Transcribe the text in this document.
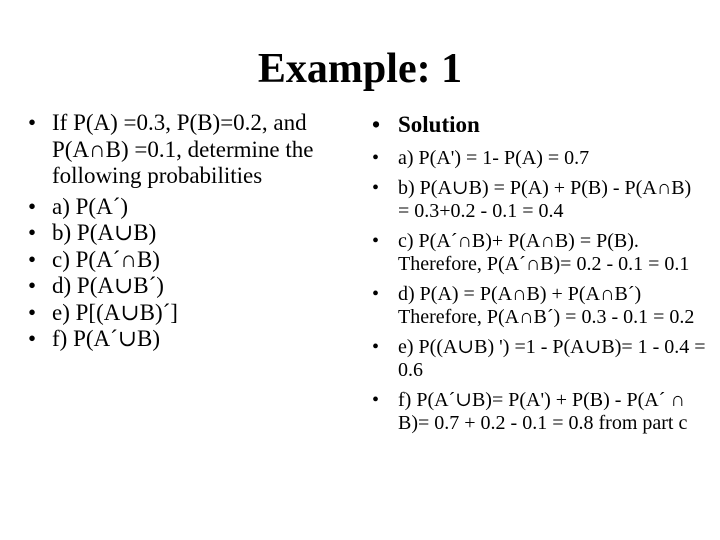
Example: 1
• If P(A) =0.3, P(B)=0.2, and P(A∩B) =0.1, determine the following probabilities
• a) P(A´)
• b) P(A∪B)
• c) P(A´∩B)
• d) P(A∪B´)
• e) P[(A∪B)´]
• f) P(A´∪B)
• Solution
• a) P(A') = 1- P(A) = 0.7
• b) P(A∪B) = P(A) + P(B) - P(A∩B) = 0.3+0.2 - 0.1 = 0.4
• c) P(A´∩B)+ P(A∩B) = P(B). Therefore, P(A´∩B)= 0.2 - 0.1 = 0.1
• d) P(A) = P(A∩B) + P(A∩B´) Therefore, P(A∩B´) = 0.3 - 0.1 = 0.2
• e) P((A∪B) ') =1 - P(A∪B)= 1 - 0.4 = 0.6
• f) P(A´∪B)= P(A') + P(B) - P(A´ ∩ B)= 0.7 + 0.2 - 0.1 = 0.8 from part c
